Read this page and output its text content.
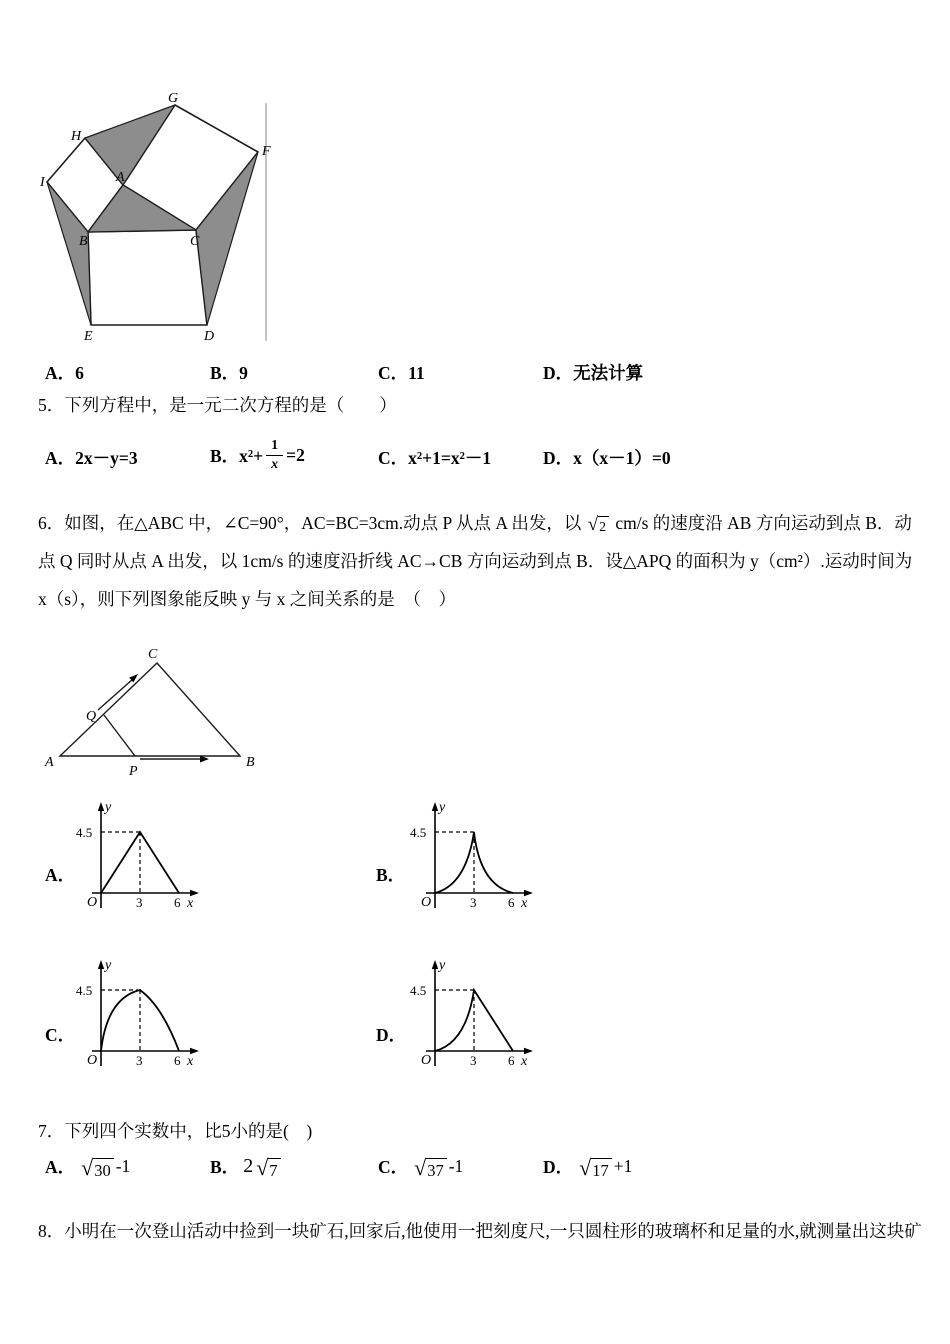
G
H
F
I	A
B	C
E	D
A．6	B．9	C．11	D．无法计算
5．下列方程中，是一元二次方程的是（　　）
A．2x－y=3	B．$x^2+ \frac{1}{x} =2$	C．x²+1=x²－1	D．x（x－1）=0
6．如图，在△ABC 中，∠C=90°，AC=BC=3cm.动点 P 从点 A 出发，以 √ 2 cm/s 的速度沿 AB 方向运动到点 B．动点 Q 同时从点 A 出发，以 1cm/s 的速度沿折线 AC→CB 方向运动到点 B．设△APQ 的面积为 y（cm²）.运动时间为 x（s），则下列图象能反映 y 与 x 之间关系的是　（　）
C
Q
A
P
B
A．
y
x
O
4.5
3 6
B．
y
x
O
4.5
3 6
C．
y
x
O
4.5
3 6
D．
y
x
O
4.5
3 6
7．下列四个实数中，比5小的是(　)
A． √ 30 -1	B． 2 √ 7	C． √ 37 -1	D． √ 17 +1
8．小明在一次登山活动中捡到一块矿石,回家后,他使用一把刻度尺,一只圆柱形的玻璃杯和足量的水,就测量出这块矿
